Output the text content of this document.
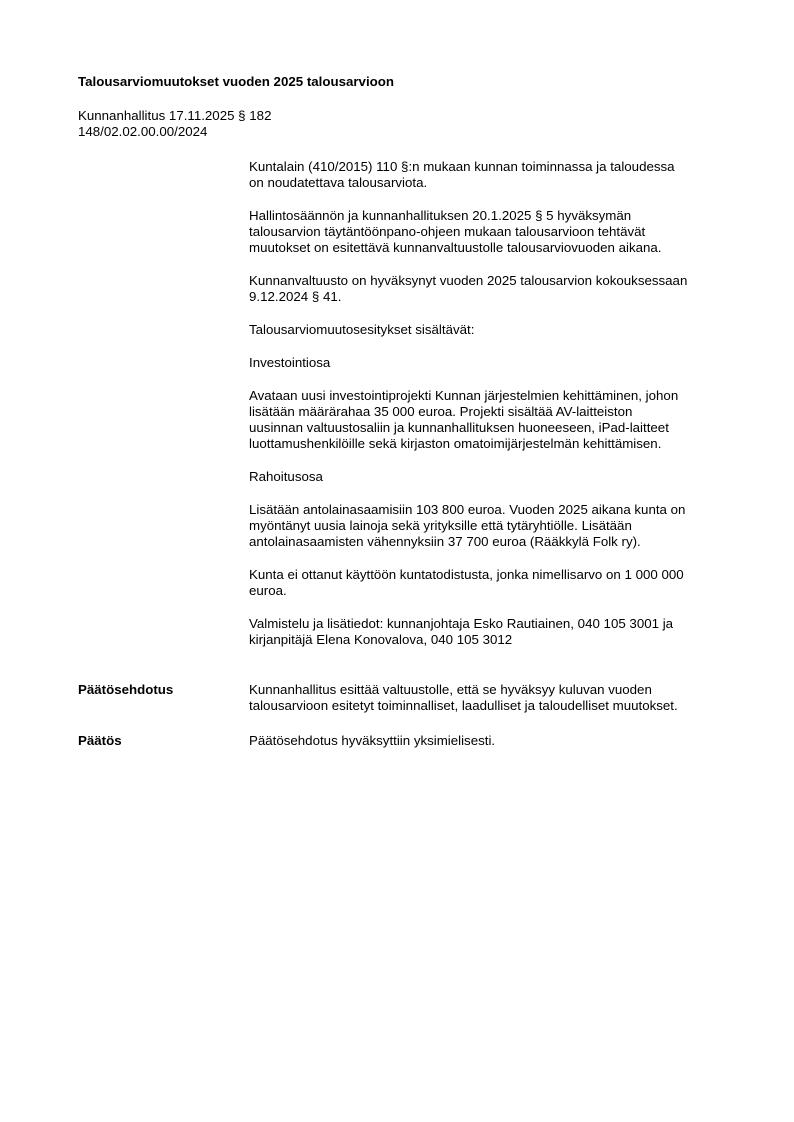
Talousarviomuutokset vuoden 2025 talousarvioon
Kunnanhallitus 17.11.2025 § 182
148/02.02.00.00/2024
Kuntalain (410/2015) 110 §:n mukaan kunnan toiminnassa ja taloudessa
on noudatettava talousarviota.
Hallintosäännön ja kunnanhallituksen 20.1.2025 § 5 hyväksymän
talousarvion täytäntöönpano-ohjeen mukaan talousarvioon tehtävät
muutokset on esitettävä kunnanvaltuustolle talousarviovuoden aikana.
Kunnanvaltuusto on hyväksynyt vuoden 2025 talousarvion kokouksessaan
9.12.2024 § 41.
Talousarviomuutosesitykset sisältävät:
Investointiosa
Avataan uusi investointiprojekti Kunnan järjestelmien kehittäminen, johon
lisätään määrärahaa 35 000 euroa. Projekti sisältää AV-laitteiston
uusinnan valtuustosaliin ja kunnanhallituksen huoneeseen, iPad-laitteet
luottamushenkilöille sekä kirjaston omatoimijärjestelmän kehittämisen.
Rahoitusosa
Lisätään antolainasaamisiin 103 800 euroa. Vuoden 2025 aikana kunta on
myöntänyt uusia lainoja sekä yrityksille että tytäryhtiölle. Lisätään
antolainasaamisten vähennyksiin 37 700 euroa (Rääkkylä Folk ry).
Kunta ei ottanut käyttöön kuntatodistusta, jonka nimellisarvo on 1 000 000
euroa.
Valmistelu ja lisätiedot: kunnanjohtaja Esko Rautiainen, 040 105 3001 ja
kirjanpitäjä Elena Konovalova, 040 105 3012
Päätösehdotus	Kunnanhallitus esittää valtuustolle, että se hyväksyy kuluvan vuoden
talousarvioon esitetyt toiminnalliset, laadulliset ja taloudelliset muutokset.
Päätös	Päätösehdotus hyväksyttiin yksimielisesti.
